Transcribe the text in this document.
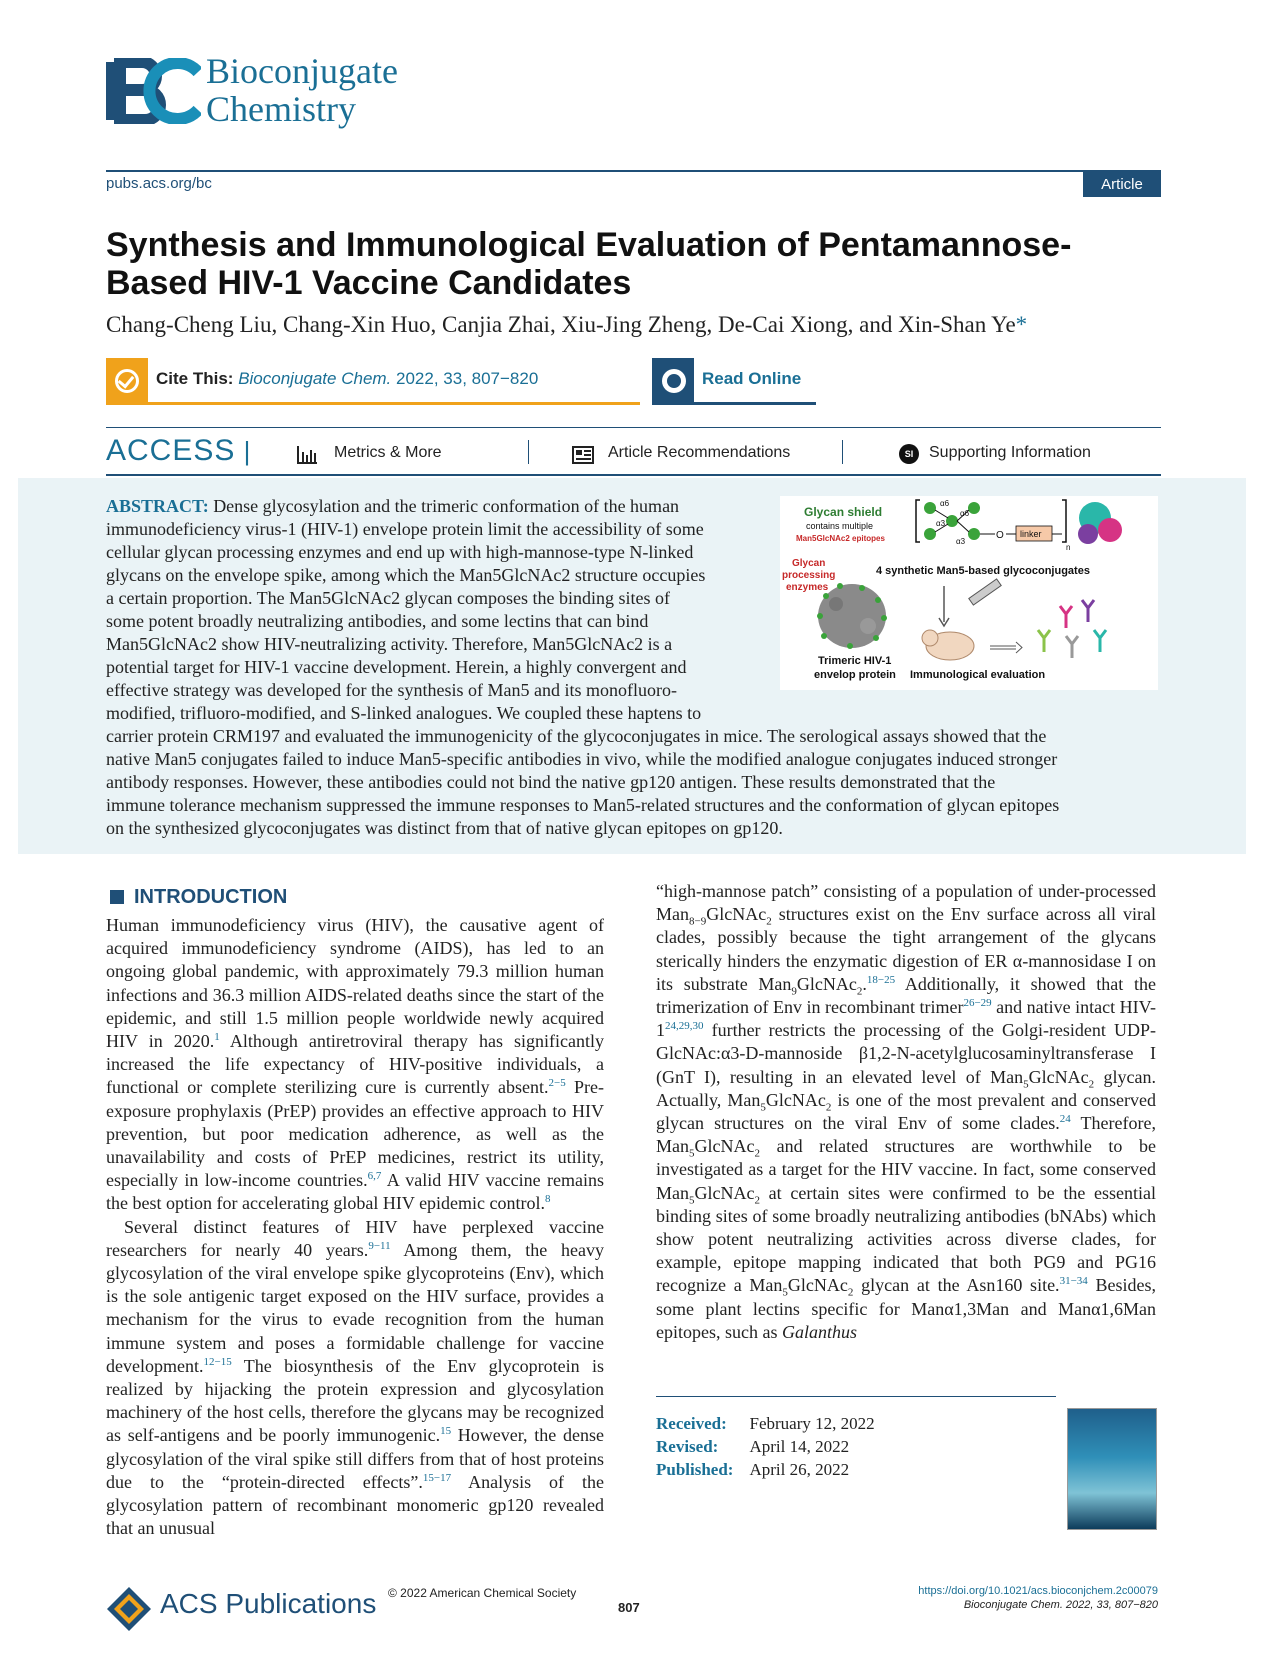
Bioconjugate
Chemistry
pubs.acs.org/bc	Article
Synthesis and Immunological Evaluation of Pentamannose-Based HIV-1 Vaccine Candidates
Chang-Cheng Liu, Chang-Xin Huo, Canjia Zhai, Xiu-Jing Zheng, De-Cai Xiong, and Xin-Shan Ye*
Cite This: Bioconjugate Chem. 2022, 33, 807−820	Read Online
ACCESS |	Metrics & More	Article Recommendations	SI Supporting Information
ABSTRACT: Dense glycosylation and the trimeric conformation of the human
immunodeficiency virus-1 (HIV-1) envelope protein limit the accessibility of some
cellular glycan processing enzymes and end up with high-mannose-type N-linked
glycans on the envelope spike, among which the Man5GlcNAc2 structure occupies
a certain proportion. The Man5GlcNAc2 glycan composes the binding sites of
some potent broadly neutralizing antibodies, and some lectins that can bind
Man5GlcNAc2 show HIV-neutralizing activity. Therefore, Man5GlcNAc2 is a
potential target for HIV-1 vaccine development. Herein, a highly convergent and
effective strategy was developed for the synthesis of Man5 and its monofluoro-
modified, trifluoro-modified, and S-linked analogues. We coupled these haptens to
carrier protein CRM197 and evaluated the immunogenicity of the glycoconjugates in mice. The serological assays showed that the
native Man5 conjugates failed to induce Man5-specific antibodies in vivo, while the modified analogue conjugates induced stronger
antibody responses. However, these antibodies could not bind the native gp120 antigen. These results demonstrated that the
immune tolerance mechanism suppressed the immune responses to Man5-related structures and the conformation of glycan epitopes
on the synthesized glycoconjugates was distinct from that of native glycan epitopes on gp120.
Glycan shield
contains multiple
Man5GlcNAc2 epitopes
Glycan
processing
enzymes
Trimeric HIV-1
envelop protein
α6
α6
α3
α3
O linker
n
4 synthetic Man5-based glycoconjugates
Immunological evaluation
INTRODUCTION

Human immunodeficiency virus (HIV), the causative agent of acquired immunodeficiency syndrome (AIDS), has led to an ongoing global pandemic, with approximately 79.3 million human infections and 36.3 million AIDS-related deaths since the start of the epidemic, and still 1.5 million people worldwide newly acquired HIV in 2020.$^1$ Although antiretroviral therapy has significantly increased the life expectancy of HIV-positive individuals, a functional or complete sterilizing cure is currently absent.$^{2-5}$ Pre-exposure prophylaxis (PrEP) provides an effective approach to HIV prevention, but poor medication adherence, as well as the unavailability and costs of PrEP medicines, restrict its utility, especially in low-income countries.$^{6,7}$ A valid HIV vaccine remains the best option for accelerating global HIV epidemic control.$^8$

Several distinct features of HIV have perplexed vaccine researchers for nearly 40 years.$^{9-11}$ Among them, the heavy glycosylation of the viral envelope spike glycoproteins (Env), which is the sole antigenic target exposed on the HIV surface, provides a mechanism for the virus to evade recognition from the human immune system and poses a formidable challenge for vaccine development.$^{12-15}$ The biosynthesis of the Env glycoprotein is realized by hijacking the protein expression and glycosylation machinery of the host cells, therefore the glycans may be recognized as self-antigens and be poorly immunogenic.$^{15}$ However, the dense glycosylation of the viral spike still differs from that of host proteins due to the “protein-directed effects”.$^{15-17}$ Analysis of the glycosylation pattern of recombinant monomeric gp120 revealed that an unusual

“high-mannose patch” consisting of a population of under-processed Man$_{8-9}$GlcNAc$_2$ structures exist on the Env surface across all viral clades, possibly because the tight arrangement of the glycans sterically hinders the enzymatic digestion of ER α-mannosidase I on its substrate Man$_9$GlcNAc$_2$.$^{18-25}$ Additionally, it showed that the trimerization of Env in recombinant trimer$^{26-29}$ and native intact HIV-1$^{24,29,30}$ further restricts the processing of the Golgi-resident UDP-GlcNAc:α3-D-mannoside β1,2-N-acetylglucosaminyltransferase I (GnT I), resulting in an elevated level of Man$_5$GlcNAc$_2$ glycan. Actually, Man$_5$GlcNAc$_2$ is one of the most prevalent and conserved glycan structures on the viral Env of some clades.$^{24}$ Therefore, Man$_5$GlcNAc$_2$ and related structures are worthwhile to be investigated as a target for the HIV vaccine. In fact, some conserved Man$_5$GlcNAc$_2$ at certain sites were confirmed to be the essential binding sites of some broadly neutralizing antibodies (bNAbs) which show potent neutralizing activities across diverse clades, for example, epitope mapping indicated that both PG9 and PG16 recognize a Man$_5$GlcNAc$_2$ glycan at the Asn160 site.$^{31-34}$ Besides, some plant lectins specific for Manα1,3Man and Manα1,6Man epitopes, such as Galanthus

Received:	February 12, 2022
Revised:	April 14, 2022
Published:	April 26, 2022
ACS Publications © 2022 American Chemical Society
807
https://doi.org/10.1021/acs.bioconjchem.2c00079
Bioconjugate Chem. 2022, 33, 807−820
